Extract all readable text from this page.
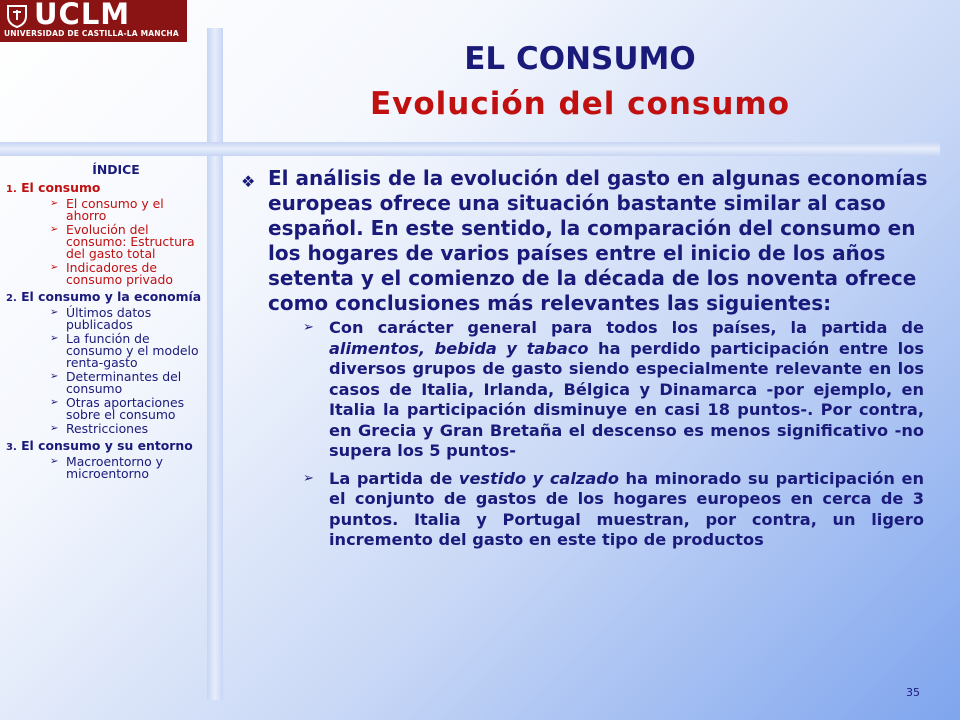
UCLM
UNIVERSIDAD DE CASTILLA-LA MANCHA
EL CONSUMO
Evolución del consumo
ÍNDICE
1. El consumo
➢ El consumo y el ahorro
➢ Evolución del consumo: Estructura del gasto total
➢ Indicadores de consumo privado
2. El consumo y la economía
➢ Últimos datos publicados
➢ La función de consumo y el modelo renta-gasto
➢ Determinantes del consumo
➢ Otras aportaciones sobre el consumo
➢ Restricciones
3. El consumo y su entorno
➢ Macroentorno y microentorno
❖ El análisis de la evolución del gasto en algunas economías europeas ofrece una situación bastante similar al caso español. En este sentido, la comparación del consumo en los hogares de varios países entre el inicio de los años setenta y el comienzo de la década de los noventa ofrece como conclusiones más relevantes las siguientes:
➢ Con carácter general para todos los países, la partida de alimentos, bebida y tabaco ha perdido participación entre los diversos grupos de gasto siendo especialmente relevante en los casos de Italia, Irlanda, Bélgica y Dinamarca -por ejemplo, en Italia la participación disminuye en casi 18 puntos-. Por contra, en Grecia y Gran Bretaña el descenso es menos significativo -no supera los 5 puntos-
➢ La partida de vestido y calzado ha minorado su participación en el conjunto de gastos de los hogares europeos en cerca de 3 puntos. Italia y Portugal muestran, por contra, un ligero incremento del gasto en este tipo de productos
35
